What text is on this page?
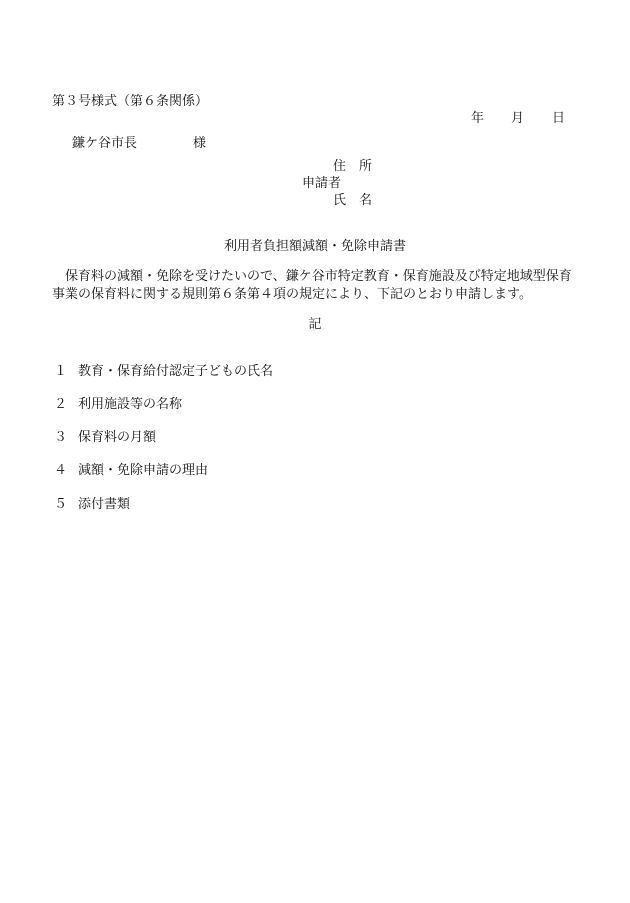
第３号様式（第６条関係）
年 月 日
鎌ケ谷市長	様
住　所
申請者
氏　名
利用者負担額減額・免除申請書

保育料の減額・免除を受けたいので、鎌ケ谷市特定教育・保育施設及び特定地域型保育

事業の保育料に関する規則第６条第４項の規定により、下記のとおり申請します。

記
１ 教育・保育給付認定子どもの氏名
２ 利用施設等の名称
３ 保育料の月額
４ 減額・免除申請の理由
５ 添付書類
